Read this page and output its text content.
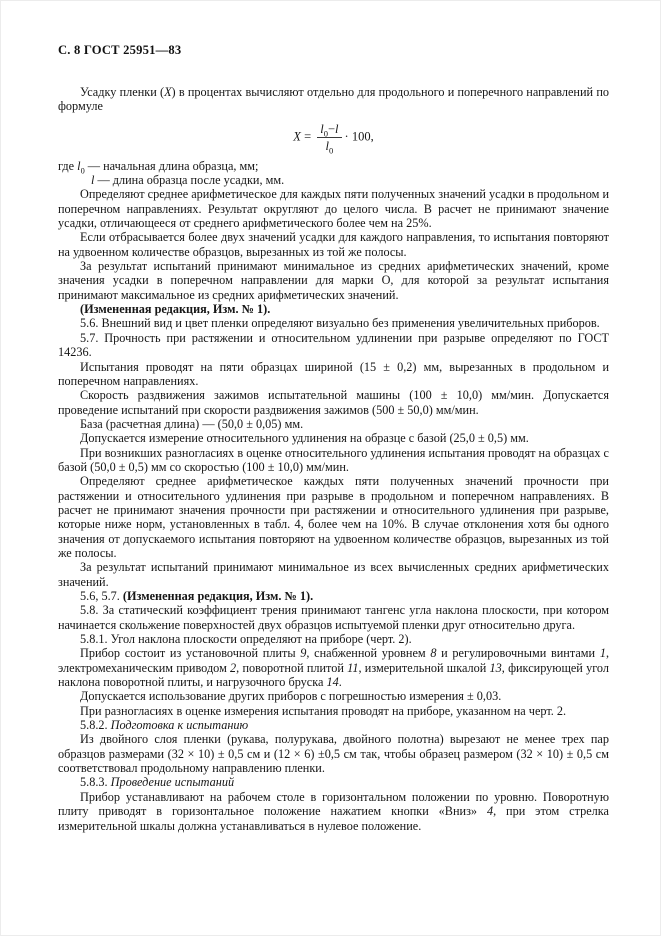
С. 8 ГОСТ 25951—83

Усадку пленки (X) в процентах вычисляют отдельно для продольного и поперечного направлений по формуле

$X = \frac{l_0-l}{l_0} \cdot 100$,

где $l_0$ — начальная длина образца, мм;

l — длина образца после усадки, мм.

Определяют среднее арифметическое для каждых пяти полученных значений усадки в продольном и поперечном направлениях. Результат округляют до целого числа. В расчет не принимают значение усадки, отличающееся от среднего арифметического более чем на 25%.

Если отбрасывается более двух значений усадки для каждого направления, то испытания повторяют на удвоенном количестве образцов, вырезанных из той же полосы.

За результат испытаний принимают минимальное из средних арифметических значений, кроме значения усадки в поперечном направлении для марки О, для которой за результат испытания принимают максимальное из средних арифметических значений.

(Измененная редакция, Изм. № 1).

5.6. Внешний вид и цвет пленки определяют визуально без применения увеличительных приборов.

5.7. Прочность при растяжении и относительном удлинении при разрыве определяют по ГОСТ 14236.

Испытания проводят на пяти образцах шириной (15 ± 0,2) мм, вырезанных в продольном и поперечном направлениях.

Скорость раздвижения зажимов испытательной машины (100 ± 10,0) мм/мин. Допускается проведение испытаний при скорости раздвижения зажимов (500 ± 50,0) мм/мин.

База (расчетная длина) — (50,0 ± 0,05) мм.

Допускается измерение относительного удлинения на образце с базой (25,0 ± 0,5) мм.

При возникших разногласиях в оценке относительного удлинения испытания проводят на образцах с базой (50,0 ± 0,5) мм со скоростью (100 ± 10,0) мм/мин.

Определяют среднее арифметическое каждых пяти полученных значений прочности при растяжении и относительного удлинения при разрыве в продольном и поперечном направлениях. В расчет не принимают значения прочности при растяжении и относительного удлинения при разрыве, которые ниже норм, установленных в табл. 4, более чем на 10%. В случае отклонения хотя бы одного значения от допускаемого испытания повторяют на удвоенном количестве образцов, вырезанных из той же полосы.

За результат испытаний принимают минимальное из всех вычисленных средних арифметических значений.

5.6, 5.7. (Измененная редакция, Изм. № 1).

5.8. За статический коэффициент трения принимают тангенс угла наклона плоскости, при котором начинается скольжение поверхностей двух образцов испытуемой пленки друг относительно друга.

5.8.1. Угол наклона плоскости определяют на приборе (черт. 2).

Прибор состоит из установочной плиты 9, снабженной уровнем 8 и регулировочными винтами 1, электромеханическим приводом 2, поворотной плитой 11, измерительной шкалой 13, фиксирующей угол наклона поворотной плиты, и нагрузочного бруска 14.

Допускается использование других приборов с погрешностью измерения ± 0,03.

При разногласиях в оценке измерения испытания проводят на приборе, указанном на черт. 2.

5.8.2. Подготовка к испытанию

Из двойного слоя пленки (рукава, полурукава, двойного полотна) вырезают не менее трех пар образцов размерами (32 × 10) ± 0,5 см и (12 × 6) ±0,5 см так, чтобы образец размером (32 × 10) ± 0,5 см соответствовал продольному направлению пленки.

5.8.3. Проведение испытаний

Прибор устанавливают на рабочем столе в горизонтальном положении по уровню. Поворотную плиту приводят в горизонтальное положение нажатием кнопки «Вниз» 4, при этом стрелка измерительной шкалы должна устанавливаться в нулевое положение.
